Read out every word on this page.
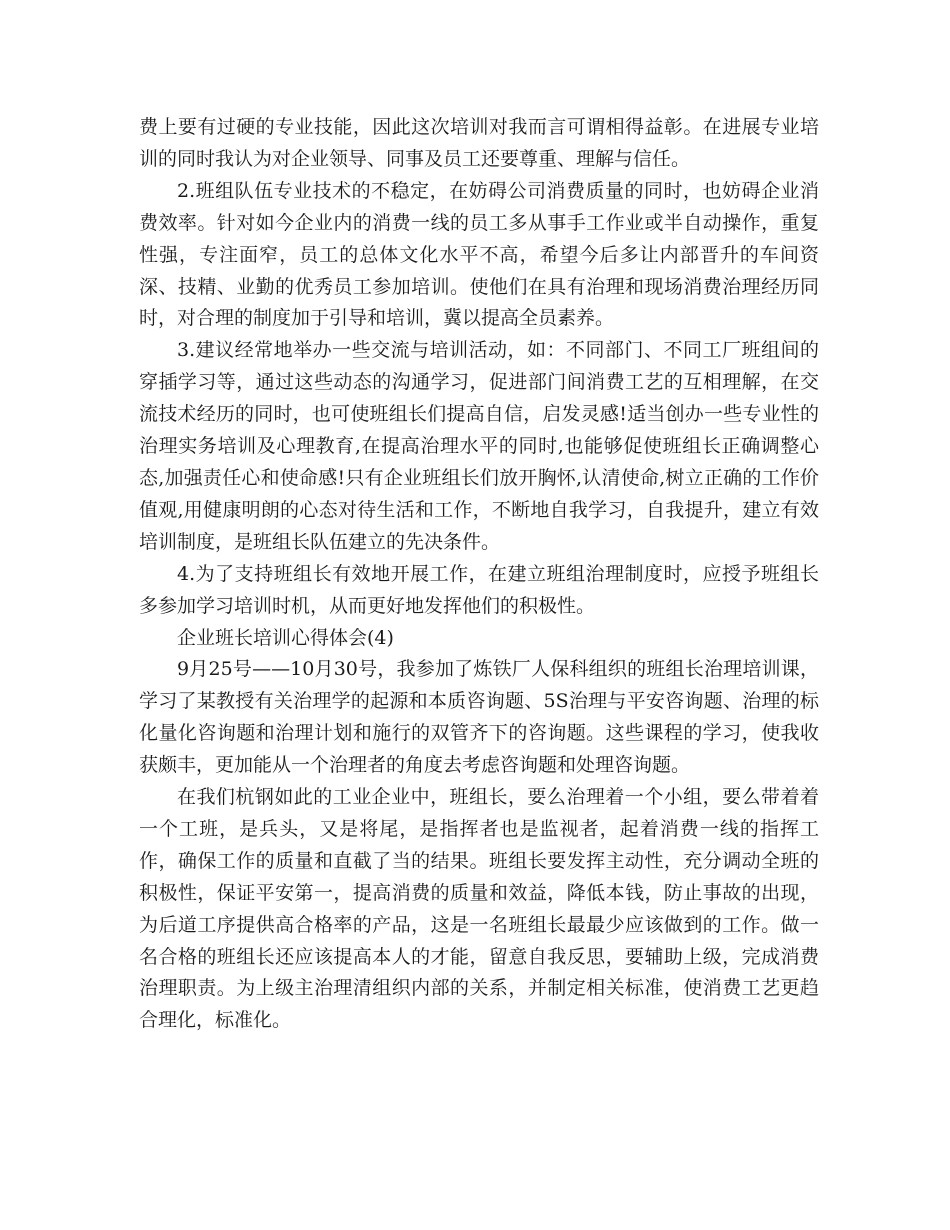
费上要有过硬的专业技能，因此这次培训对我而言可谓相得益彰。在进展专业培训的同时我认为对企业领导、同事及员工还要尊重、理解与信任。

2.班组队伍专业技术的不稳定，在妨碍公司消费质量的同时，也妨碍企业消费效率。针对如今企业内的消费一线的员工多从事手工作业或半自动操作，重复性强，专注面窄，员工的总体文化水平不高，希望今后多让内部晋升的车间资深、技精、业勤的优秀员工参加培训。使他们在具有治理和现场消费治理经历同时，对合理的制度加于引导和培训，冀以提高全员素养。

3.建议经常地举办一些交流与培训活动，如：不同部门、不同工厂班组间的穿插学习等，通过这些动态的沟通学习，促进部门间消费工艺的互相理解，在交流技术经历的同时，也可使班组长们提高自信，启发灵感!适当创办一些专业性的治理实务培训及心理教育,在提高治理水平的同时,也能够促使班组长正确调整心态,加强责任心和使命感!只有企业班组长们放开胸怀,认清使命,树立正确的工作价值观,用健康明朗的心态对待生活和工作，不断地自我学习，自我提升，建立有效培训制度，是班组长队伍建立的先决条件。

4.为了支持班组长有效地开展工作，在建立班组治理制度时，应授予班组长多参加学习培训时机，从而更好地发挥他们的积极性。

企业班长培训心得体会(4)

9月25号——10月30号，我参加了炼铁厂人保科组织的班组长治理培训课，学习了某教授有关治理学的起源和本质咨询题、5S治理与平安咨询题、治理的标化量化咨询题和治理计划和施行的双管齐下的咨询题。这些课程的学习，使我收获颇丰，更加能从一个治理者的角度去考虑咨询题和处理咨询题。

在我们杭钢如此的工业企业中，班组长，要么治理着一个小组，要么带着着一个工班，是兵头，又是将尾，是指挥者也是监视者，起着消费一线的指挥工作，确保工作的质量和直截了当的结果。班组长要发挥主动性，充分调动全班的积极性，保证平安第一，提高消费的质量和效益，降低本钱，防止事故的出现，为后道工序提供高合格率的产品，这是一名班组长最最少应该做到的工作。做一名合格的班组长还应该提高本人的才能，留意自我反思，要辅助上级，完成消费治理职责。为上级主治理清组织内部的关系，并制定相关标准，使消费工艺更趋合理化，标准化。
